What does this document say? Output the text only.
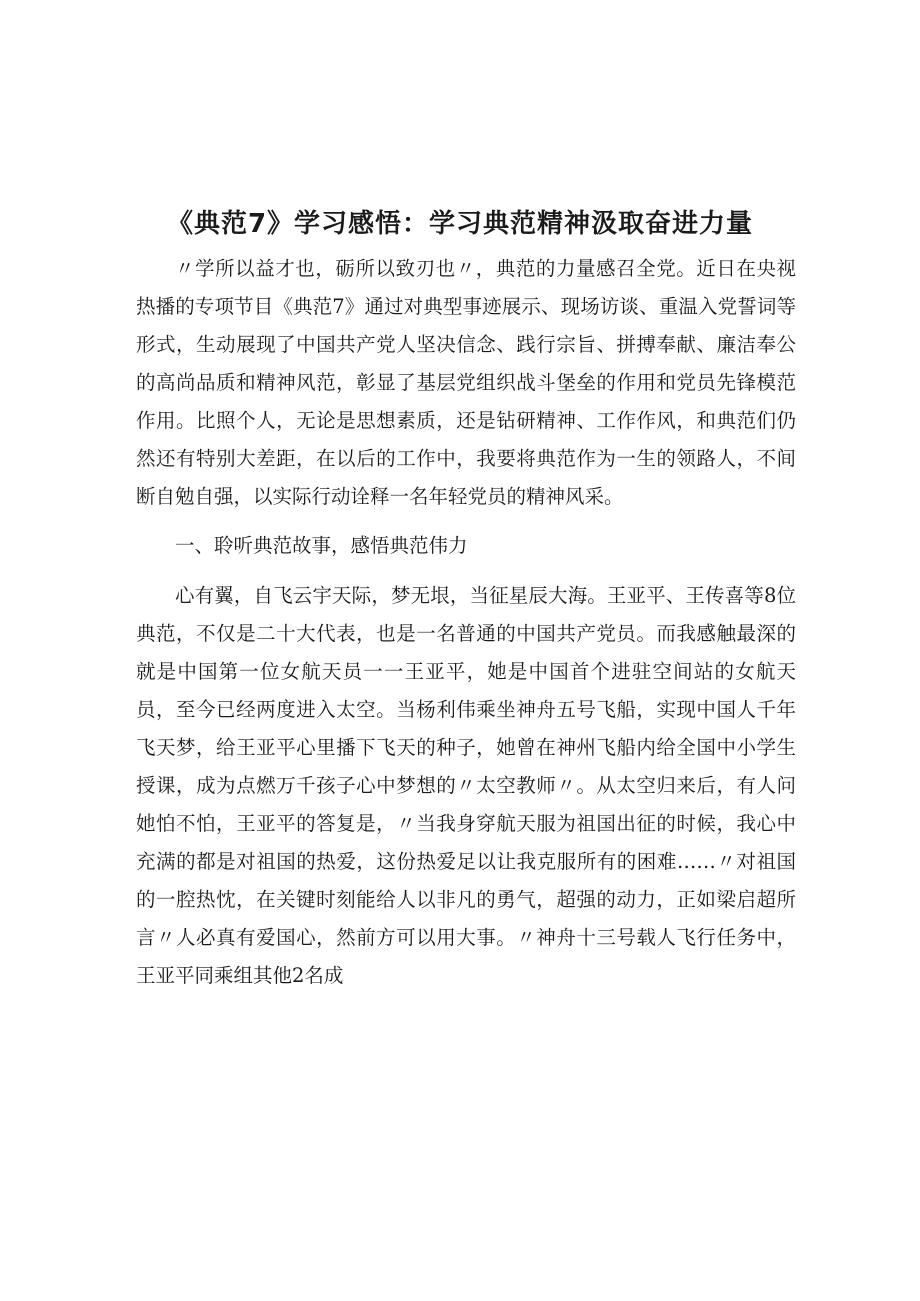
《典范7》学习感悟：学习典范精神汲取奋进力量

〃学所以益才也，砺所以致刃也〃，典范的力量感召全党。近日在央视热播的专项节目《典范7》通过对典型事迹展示、现场访谈、重温入党誓词等形式，生动展现了中国共产党人坚决信念、践行宗旨、拼搏奉献、廉洁奉公的高尚品质和精神风范，彰显了基层党组织战斗堡垒的作用和党员先锋模范作用。比照个人，无论是思想素质，还是钻研精神、工作作风，和典范们仍然还有特别大差距，在以后的工作中，我要将典范作为一生的领路人，不间断自勉自强，以实际行动诠释一名年轻党员的精神风采。

一、聆听典范故事，感悟典范伟力

心有翼，自飞云宇天际，梦无垠，当征星辰大海。王亚平、王传喜等8位典范，不仅是二十大代表，也是一名普通的中国共产党员。而我感触最深的就是中国第一位女航天员一一王亚平，她是中国首个进驻空间站的女航天员，至今已经两度进入太空。当杨利伟乘坐神舟五号飞船，实现中国人千年飞天梦，给王亚平心里播下飞天的种子，她曾在神州飞船内给全国中小学生授课，成为点燃万千孩子心中梦想的〃太空教师〃。从太空归来后，有人问她怕不怕，王亚平的答复是，〃当我身穿航天服为祖国出征的时候，我心中充满的都是对祖国的热爱，这份热爱足以让我克服所有的困难……〃对祖国的一腔热忱，在关键时刻能给人以非凡的勇气，超强的动力，正如梁启超所言〃人必真有爱国心，然前方可以用大事。〃神舟十三号载人飞行任务中，王亚平同乘组其他2名成
